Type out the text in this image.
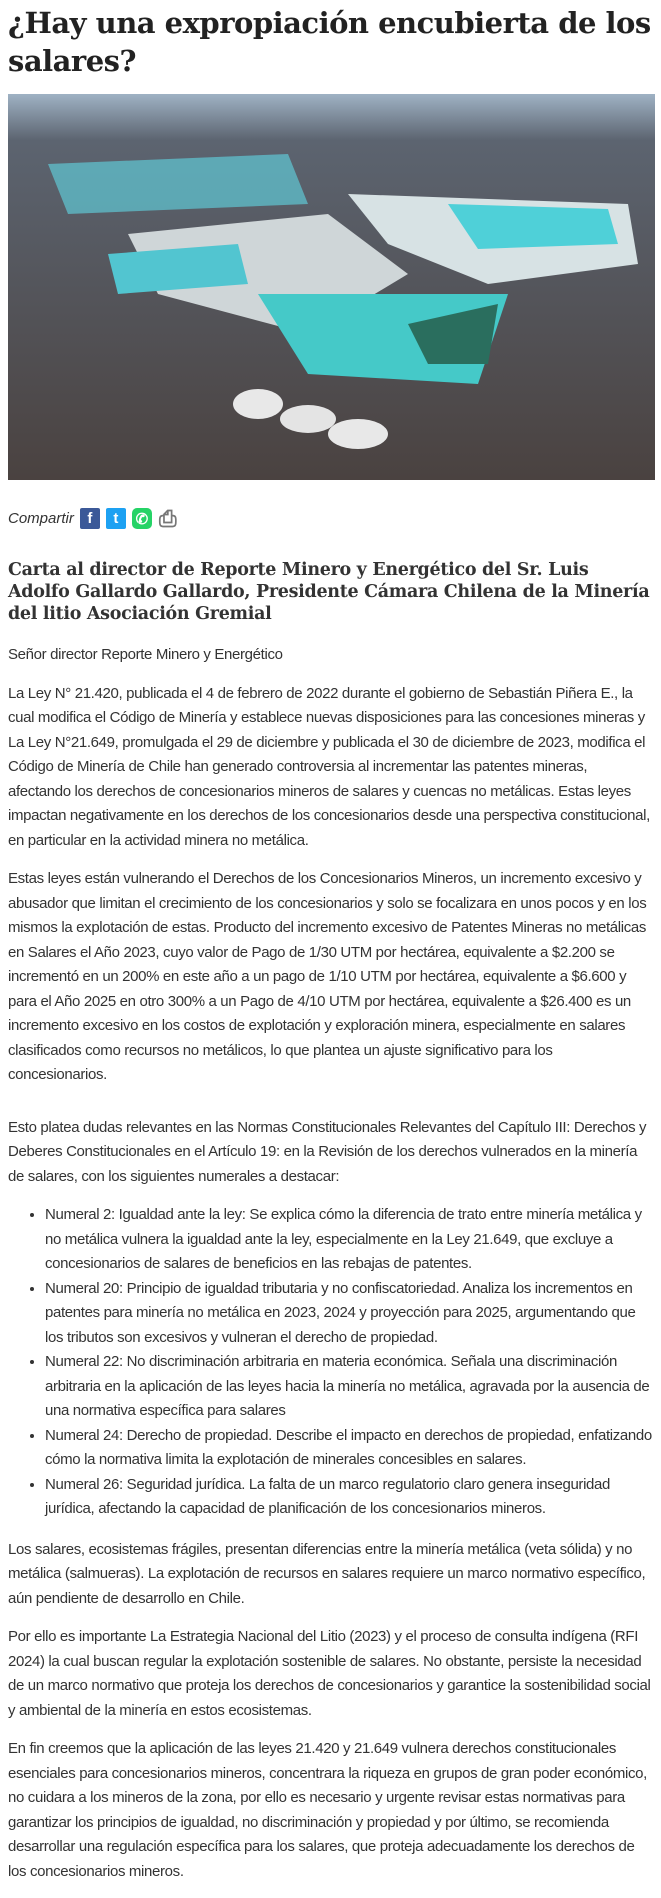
¿Hay una expropiación encubierta de los salares?
Compartir f	t	✆ ⎙
Carta al director de Reporte Minero y Energético del Sr. Luis Adolfo Gallardo Gallardo, Presidente Cámara Chilena de la Minería del litio Asociación Gremial

Señor director Reporte Minero y Energético

La Ley N° 21.420, publicada el 4 de febrero de 2022 durante el gobierno de Sebastián Piñera E., la cual modifica el Código de Minería y establece nuevas disposiciones para las concesiones mineras y La Ley N°21.649, promulgada el 29 de diciembre y publicada el 30 de diciembre de 2023, modifica el Código de Minería de Chile han generado controversia al incrementar las patentes mineras, afectando los derechos de concesionarios mineros de salares y cuencas no metálicas. Estas leyes impactan negativamente en los derechos de los concesionarios desde una perspectiva constitucional, en particular en la actividad minera no metálica.

Estas leyes están vulnerando el Derechos de los Concesionarios Mineros, un incremento excesivo y abusador que limitan el crecimiento de los concesionarios y solo se focalizara en unos pocos y en los mismos la explotación de estas. Producto del incremento excesivo de Patentes Mineras no metálicas en Salares el Año 2023, cuyo valor de Pago de 1/30 UTM por hectárea, equivalente a $2.200 se incrementó en un 200% en este año a un pago de 1/10 UTM por hectárea, equivalente a $6.600 y para el Año 2025 en otro 300% a un Pago de 4/10 UTM por hectárea, equivalente a $26.400 es un incremento excesivo en los costos de explotación y exploración minera, especialmente en salares clasificados como recursos no metálicos, lo que plantea un ajuste significativo para los concesionarios.

Esto platea dudas relevantes en las Normas Constitucionales Relevantes del Capítulo III: Derechos y Deberes Constitucionales en el Artículo 19: en la Revisión de los derechos vulnerados en la minería de salares, con los siguientes numerales a destacar:

• Numeral 2: Igualdad ante la ley: Se explica cómo la diferencia de trato entre minería metálica y no metálica vulnera la igualdad ante la ley, especialmente en la Ley 21.649, que excluye a concesionarios de salares de beneficios en las rebajas de patentes.
• Numeral 20: Principio de igualdad tributaria y no confiscatoriedad. Analiza los incrementos en patentes para minería no metálica en 2023, 2024 y proyección para 2025, argumentando que los tributos son excesivos y vulneran el derecho de propiedad.
• Numeral 22: No discriminación arbitraria en materia económica. Señala una discriminación arbitraria en la aplicación de las leyes hacia la minería no metálica, agravada por la ausencia de una normativa específica para salares
• Numeral 24: Derecho de propiedad. Describe el impacto en derechos de propiedad, enfatizando cómo la normativa limita la explotación de minerales concesibles en salares.
• Numeral 26: Seguridad jurídica. La falta de un marco regulatorio claro genera inseguridad jurídica, afectando la capacidad de planificación de los concesionarios mineros.

Los salares, ecosistemas frágiles, presentan diferencias entre la minería metálica (veta sólida) y no metálica (salmueras). La explotación de recursos en salares requiere un marco normativo específico, aún pendiente de desarrollo en Chile.

Por ello es importante La Estrategia Nacional del Litio (2023) y el proceso de consulta indígena (RFI 2024) la cual buscan regular la explotación sostenible de salares. No obstante, persiste la necesidad de un marco normativo que proteja los derechos de concesionarios y garantice la sostenibilidad social y ambiental de la minería en estos ecosistemas.

En fin creemos que la aplicación de las leyes 21.420 y 21.649 vulnera derechos constitucionales esenciales para concesionarios mineros, concentrara la riqueza en grupos de gran poder económico, no cuidara a los mineros de la zona, por ello es necesario y urgente revisar estas normativas para garantizar los principios de igualdad, no discriminación y propiedad y por último, se recomienda desarrollar una regulación específica para los salares, que proteja adecuadamente los derechos de los concesionarios mineros.
